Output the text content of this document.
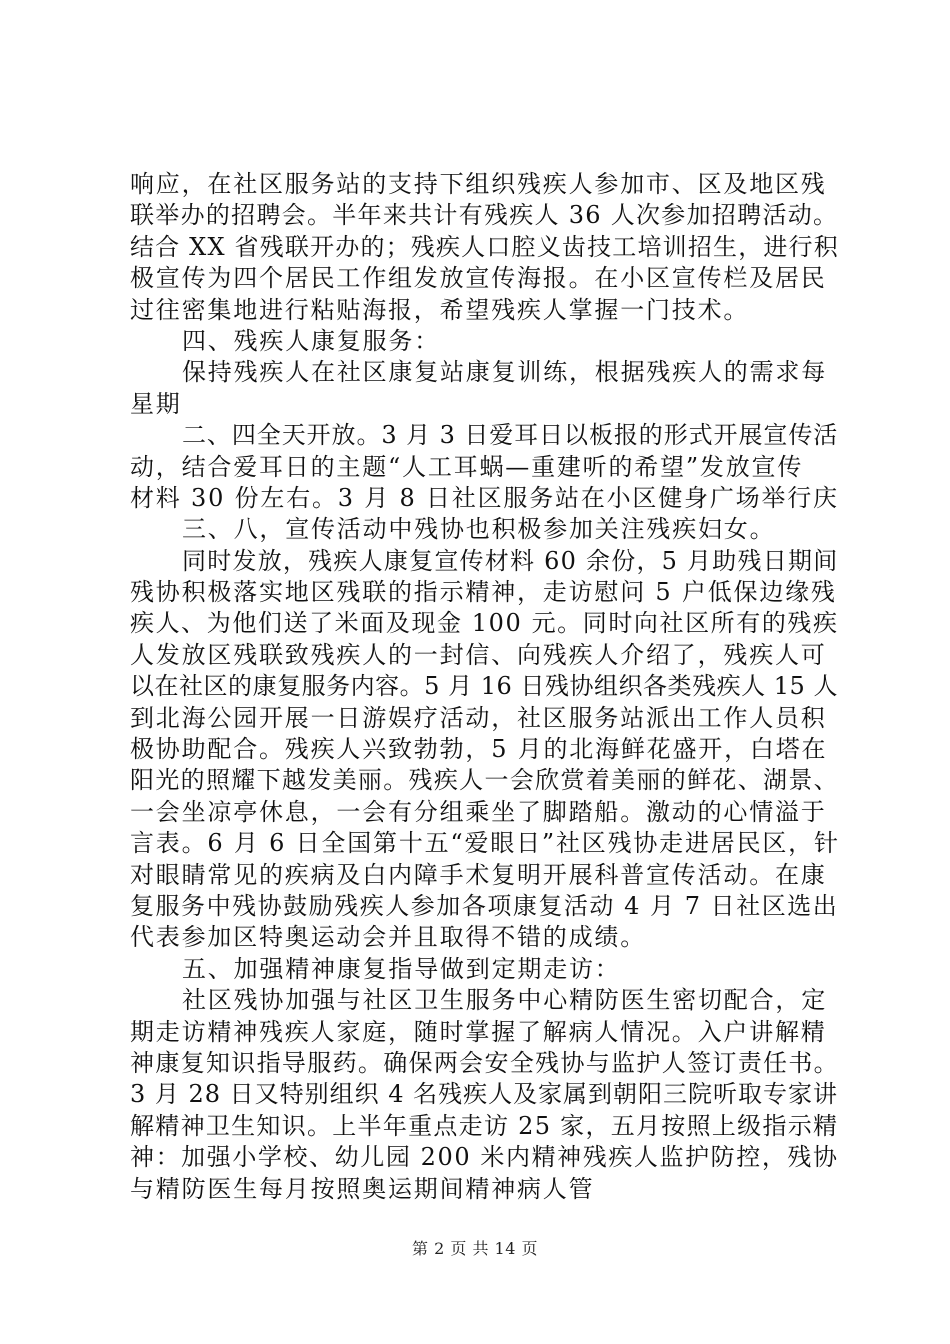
响应，在社区服务站的支持下组织残疾人参加市、区及地区残
联举办的招聘会。半年来共计有残疾人 36 人次参加招聘活动。
结合 XX 省残联开办的；残疾人口腔义齿技工培训招生，进行积
极宣传为四个居民工作组发放宣传海报。在小区宣传栏及居民
过往密集地进行粘贴海报，希望残疾人掌握一门技术。
四、残疾人康复服务：
保持残疾人在社区康复站康复训练，根据残疾人的需求每
星期
二、四全天开放。3 月 3 日爱耳日以板报的形式开展宣传活
动，结合爱耳日的主题“人工耳蜗—重建听的希望”发放宣传
材料 30 份左右。3 月 8 日社区服务站在小区健身广场举行庆
三、八，宣传活动中残协也积极参加关注残疾妇女。
同时发放，残疾人康复宣传材料 60 余份，5 月助残日期间
残协积极落实地区残联的指示精神，走访慰问 5 户低保边缘残
疾人、为他们送了米面及现金 100 元。同时向社区所有的残疾
人发放区残联致残疾人的一封信、向残疾人介绍了，残疾人可
以在社区的康复服务内容。5 月 16 日残协组织各类残疾人 15 人
到北海公园开展一日游娱疗活动，社区服务站派出工作人员积
极协助配合。残疾人兴致勃勃，5 月的北海鲜花盛开，白塔在
阳光的照耀下越发美丽。残疾人一会欣赏着美丽的鲜花、湖景、
一会坐凉亭休息，一会有分组乘坐了脚踏船。激动的心情溢于
言表。6 月 6 日全国第十五“爱眼日”社区残协走进居民区，针
对眼睛常见的疾病及白内障手术复明开展科普宣传活动。在康
复服务中残协鼓励残疾人参加各项康复活动 4 月 7 日社区选出
代表参加区特奥运动会并且取得不错的成绩。
五、加强精神康复指导做到定期走访：
社区残协加强与社区卫生服务中心精防医生密切配合，定
期走访精神残疾人家庭，随时掌握了解病人情况。入户讲解精
神康复知识指导服药。确保两会安全残协与监护人签订责任书。
3 月 28 日又特别组织 4 名残疾人及家属到朝阳三院听取专家讲
解精神卫生知识。上半年重点走访 25 家，五月按照上级指示精
神：加强小学校、幼儿园 200 米内精神残疾人监护防控，残协
与精防医生每月按照奥运期间精神病人管
第 2 页 共 14 页
